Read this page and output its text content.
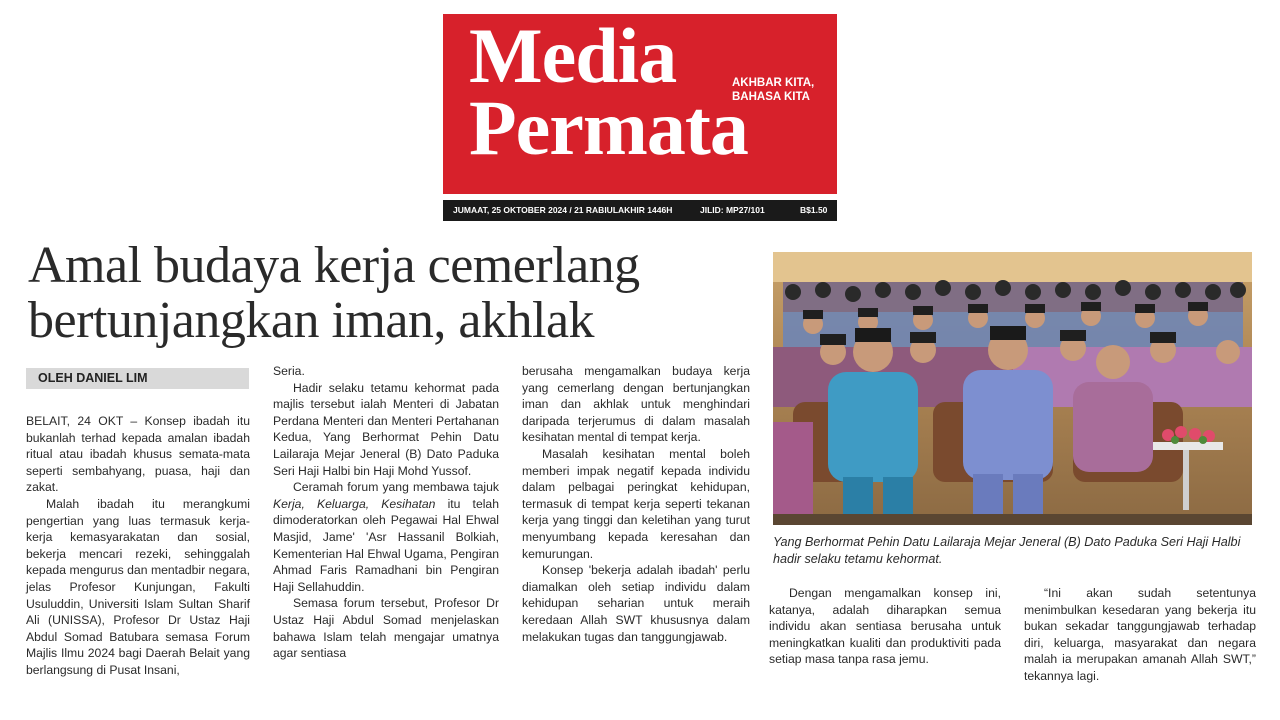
Media
Permata
AKHBAR KITA,
BAHASA KITA
JUMAAT, 25 OKTOBER 2024 / 21 RABIULAKHIR 1446H	JILID: MP27/101	B$1.50
Amal budaya kerja cemerlang
bertunjangkan iman, akhlak
OLEH DANIEL LIM

BELAIT, 24 OKT – Konsep ibadah itu bukanlah terhad kepada amalan ibadah ritual atau ibadah khusus semata-mata seperti sembahyang, puasa, haji dan zakat.

Malah ibadah itu merangkumi pengertian yang luas termasuk kerja-kerja kemasyarakatan dan sosial, bekerja mencari rezeki, sehinggalah kepada mengurus dan mentadbir negara, jelas Profesor Kunjungan, Fakulti Usuluddin, Universiti Islam Sultan Sharif Ali (UNISSA), Profesor Dr Ustaz Haji Abdul Somad Batubara semasa Forum Majlis Ilmu 2024 bagi Daerah Belait yang berlangsung di Pusat Insani,

Seria.

Hadir selaku tetamu kehormat pada majlis tersebut ialah Menteri di Jabatan Perdana Menteri dan Menteri Pertahanan Kedua, Yang Berhormat Pehin Datu Lailaraja Mejar Jeneral (B) Dato Paduka Seri Haji Halbi bin Haji Mohd Yussof.

Ceramah forum yang membawa tajuk Kerja, Keluarga, Kesihatan itu telah dimoderatorkan oleh Pegawai Hal Ehwal Masjid, Jame' 'Asr Hassanil Bolkiah, Kementerian Hal Ehwal Ugama, Pengiran Ahmad Faris Ramadhani bin Pengiran Haji Sellahuddin.

Semasa forum tersebut, Profesor Dr Ustaz Haji Abdul Somad menjelaskan bahawa Islam telah mengajar umatnya agar sentiasa

berusaha mengamalkan budaya kerja yang cemerlang dengan bertunjangkan iman dan akhlak untuk menghindari daripada terjerumus di dalam masalah kesihatan mental di tempat kerja.

Masalah kesihatan mental boleh memberi impak negatif kepada individu dalam pelbagai peringkat kehidupan, termasuk di tempat kerja seperti tekanan kerja yang tinggi dan keletihan yang turut menyumbang kepada keresahan dan kemurungan.

Konsep 'bekerja adalah ibadah' perlu diamalkan oleh setiap individu dalam kehidupan seharian untuk meraih keredaan Allah SWT khususnya dalam melakukan tugas dan tanggungjawab.

Yang Berhormat Pehin Datu Lailaraja Mejar Jeneral (B) Dato Paduka Seri Haji Halbi hadir selaku tetamu kehormat.

Dengan mengamalkan konsep ini, katanya, adalah diharapkan semua individu akan sentiasa berusaha untuk meningkatkan kualiti dan produktiviti pada setiap masa tanpa rasa jemu.

“Ini akan sudah setentunya menimbulkan kesedaran yang bekerja itu bukan sekadar tanggungjawab terhadap diri, keluarga, masyarakat dan negara malah ia merupakan amanah Allah SWT,” tekannya lagi.
